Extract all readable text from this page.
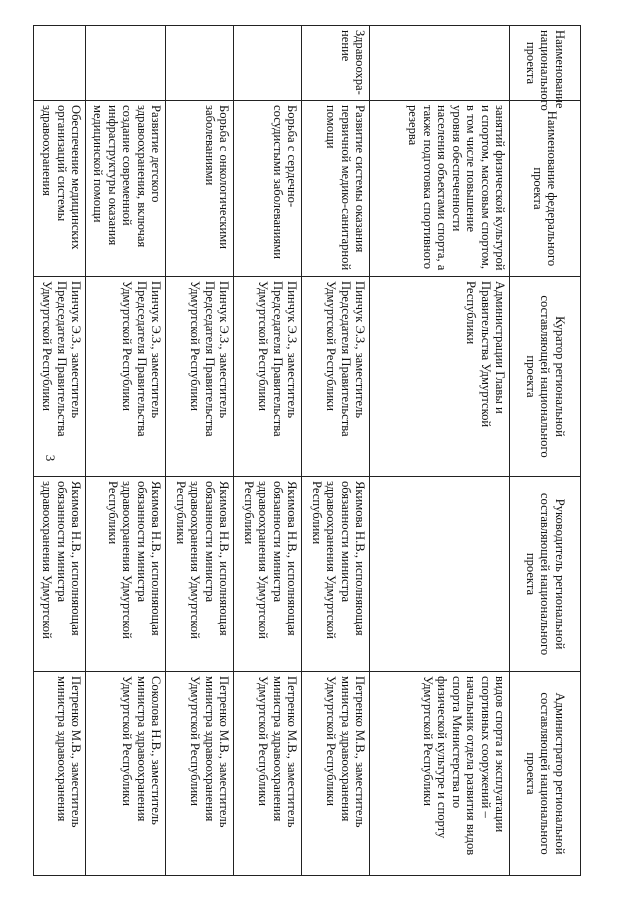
3
Наименование национального проекта	Наименование федерального проекта	Куратор региональной составляющей национального проекта	Руководитель региональной составляющей национального проекта	Администратор региональной составляющей национального проекта
	занятий физической культурой и спортом, массовым спортом, в том числе повышение уровня обеспеченности населения объектами спорта, а также подготовка спортивного резерва	Администрации Главы и Правительства Удмуртской Республики		видов спорта и эксплуатации спортивных сооружений – начальник отдела развития видов спорта Министерства по физической культуре и спорту Удмуртской Республики
Здравоохра-нение	Развитие системы оказания первичной медико-санитарной помощи	Пинчук Э.З., заместитель Председателя Правительства Удмуртской Республики	Якимова Н.В., исполняющая обязанности министра здравоохранения Удмуртской Республики	Петренко М.В., заместитель министра здравоохранения Удмуртской Республики
	Борьба с сердечно-сосудистыми заболеваниями	Пинчук Э.З., заместитель Председателя Правительства Удмуртской Республики	Якимова Н.В., исполняющая обязанности министра здравоохранения Удмуртской Республики	Петренко М.В., заместитель министра здравоохранения Удмуртской Республики
	Борьба с онкологическими заболеваниями	Пинчук Э.З., заместитель Председателя Правительства Удмуртской Республики	Якимова Н.В., исполняющая обязанности министра здравоохранения Удмуртской Республики	Петренко М.В., заместитель министра здравоохранения Удмуртской Республики
	Развитие детского здравоохранения, включая создание современной инфраструктуры оказания медицинской помощи	Пинчук Э.З., заместитель Председателя Правительства Удмуртской Республики	Якимова Н.В., исполняющая обязанности министра здравоохранения Удмуртской Республики	Соколова Н.В., заместитель министра здравоохранения Удмуртской Республики
	Обеспечение медицинских организаций системы здравоохранения	Пинчук Э.З., заместитель Председателя Правительства Удмуртской Республики	Якимова Н.В., исполняющая обязанности министра здравоохранения Удмуртской	Петренко М.В., заместитель министра здравоохранения
